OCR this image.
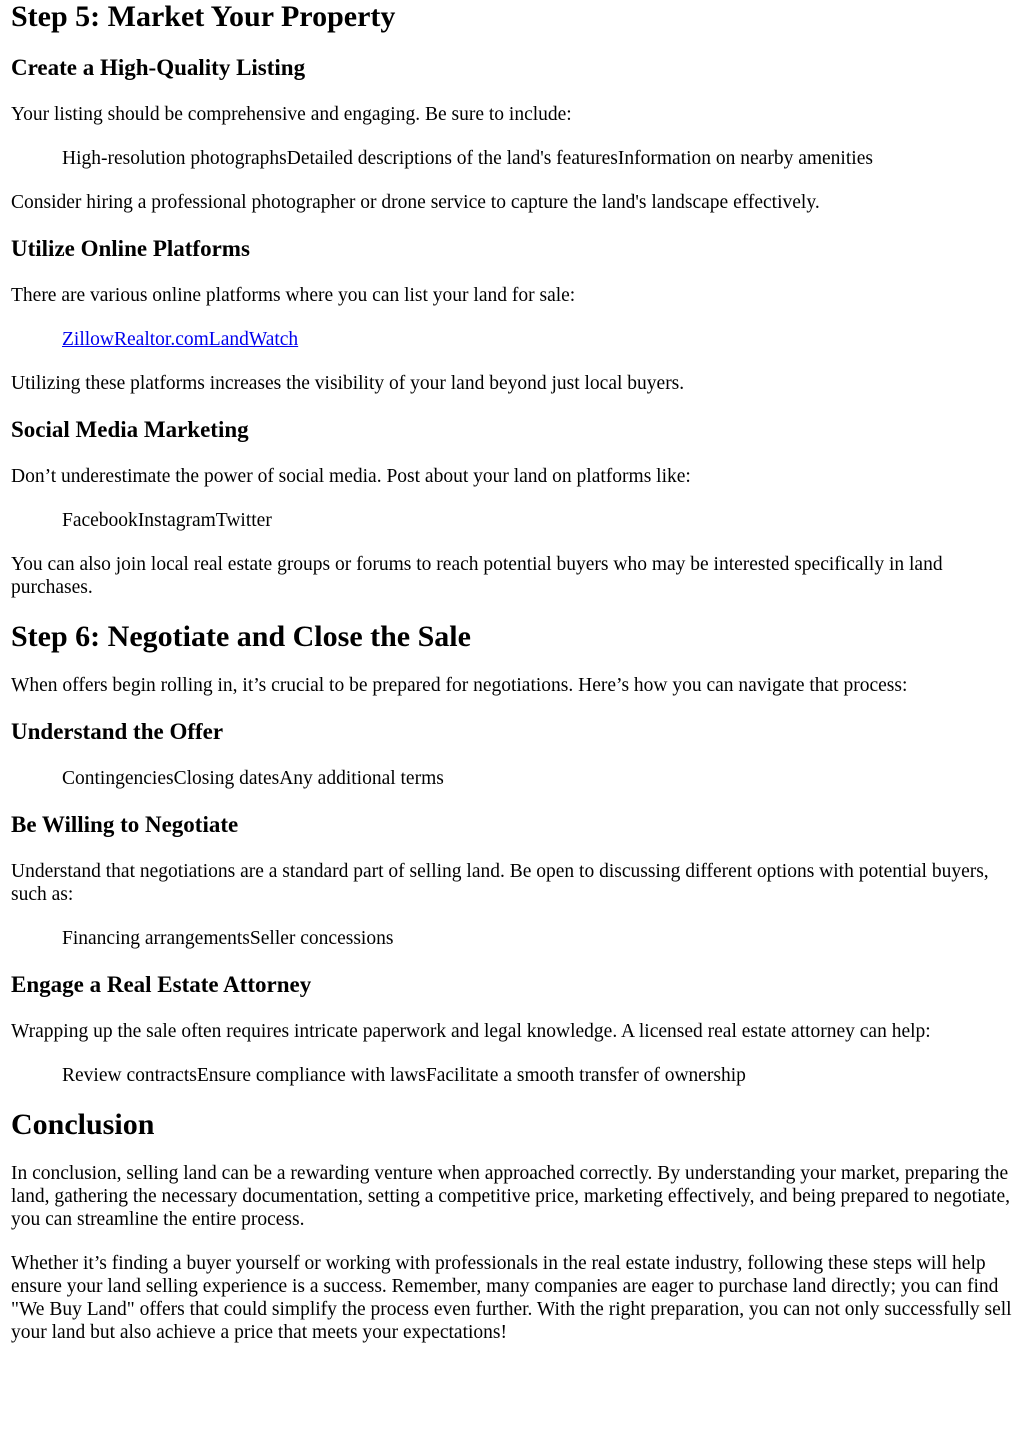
Step 5: Market Your Property
Create a High-Quality Listing

Your listing should be comprehensive and engaging. Be sure to include:

High-resolution photographsDetailed descriptions of the land's featuresInformation on nearby amenities

Consider hiring a professional photographer or drone service to capture the land's landscape effectively.

Utilize Online Platforms

There are various online platforms where you can list your land for sale:

ZillowRealtor.comLandWatch

Utilizing these platforms increases the visibility of your land beyond just local buyers.

Social Media Marketing

Don’t underestimate the power of social media. Post about your land on platforms like:

FacebookInstagramTwitter

You can also join local real estate groups or forums to reach potential buyers who may be interested specifically in land purchases.

Step 6: Negotiate and Close the Sale

When offers begin rolling in, it’s crucial to be prepared for negotiations. Here’s how you can navigate that process:

Understand the Offer
ContingenciesClosing datesAny additional terms
Be Willing to Negotiate

Understand that negotiations are a standard part of selling land. Be open to discussing different options with potential buyers, such as:

Financing arrangementsSeller concessions
Engage a Real Estate Attorney

Wrapping up the sale often requires intricate paperwork and legal knowledge. A licensed real estate attorney can help:

Review contractsEnsure compliance with lawsFacilitate a smooth transfer of ownership
Conclusion

In conclusion, selling land can be a rewarding venture when approached correctly. By understanding your market, preparing the land, gathering the necessary documentation, setting a competitive price, marketing effectively, and being prepared to negotiate, you can streamline the entire process.

Whether it’s finding a buyer yourself or working with professionals in the real estate industry, following these steps will help ensure your land selling experience is a success. Remember, many companies are eager to purchase land directly; you can find "We Buy Land" offers that could simplify the process even further. With the right preparation, you can not only successfully sell your land but also achieve a price that meets your expectations!
